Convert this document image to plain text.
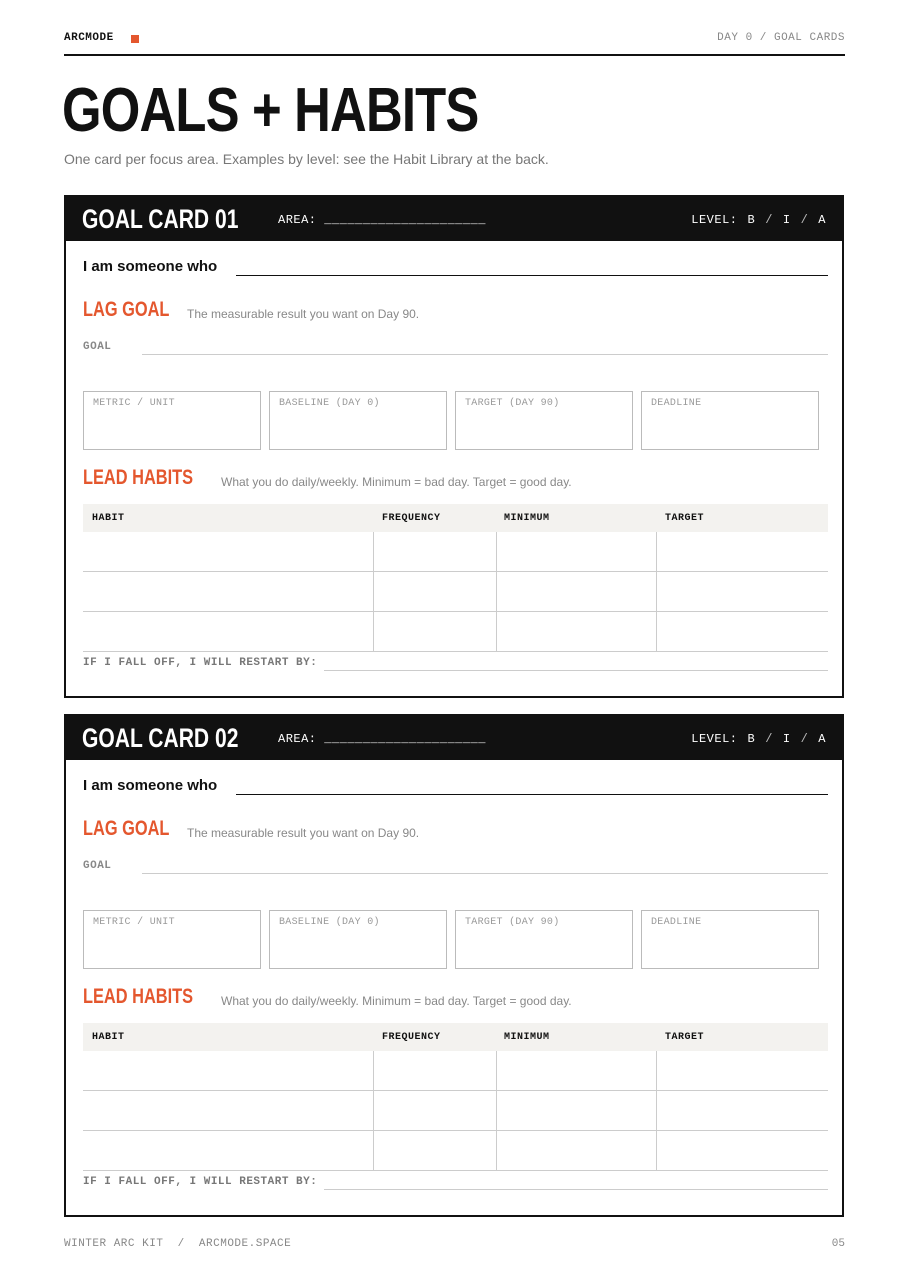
ARCMODE	DAY 0 / GOAL CARDS
GOALS + HABITS
One card per focus area. Examples by level: see the Habit Library at the back.
GOAL CARD 01	AREA: _____________________	LEVEL: B / I / A
I am someone who
LAG GOAL The measurable result you want on Day 90.
GOAL
METRIC / UNIT	BASELINE (DAY 0)	TARGET (DAY 90)	DEADLINE
LEAD HABITS What you do daily/weekly. Minimum = bad day. Target = good day.
HABIT	FREQUENCY	MINIMUM	TARGET
IF I FALL OFF, I WILL RESTART BY:
GOAL CARD 02	AREA: _____________________	LEVEL: B / I / A
I am someone who
LAG GOAL The measurable result you want on Day 90.
GOAL
METRIC / UNIT	BASELINE (DAY 0)	TARGET (DAY 90)	DEADLINE
LEAD HABITS What you do daily/weekly. Minimum = bad day. Target = good day.
HABIT	FREQUENCY	MINIMUM	TARGET
IF I FALL OFF, I WILL RESTART BY:
WINTER ARC KIT  /  ARCMODE.SPACE	05
